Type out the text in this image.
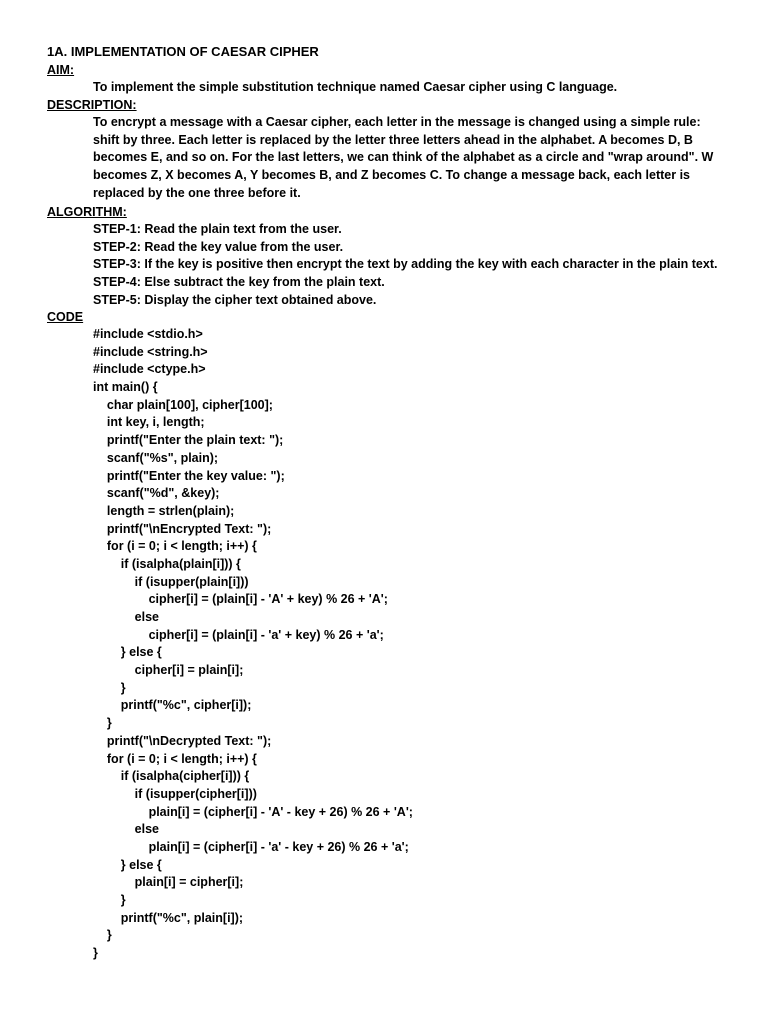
1A. IMPLEMENTATION OF CAESAR CIPHER
AIM:
To implement the simple substitution technique named Caesar cipher using C language.
DESCRIPTION:
To encrypt a message with a Caesar cipher, each letter in the message is changed using a simple rule: shift by three. Each letter is replaced by the letter three letters ahead in the alphabet. A becomes D, B becomes E, and so on. For the last letters, we can think of the alphabet as a circle and "wrap around". W becomes Z, X becomes A, Y becomes B, and Z becomes C. To change a message back, each letter is replaced by the one three before it.
ALGORITHM:
STEP-1: Read the plain text from the user.
STEP-2: Read the key value from the user.
STEP-3: If the key is positive then encrypt the text by adding the key with each character in the plain text.
STEP-4: Else subtract the key from the plain text.
STEP-5: Display the cipher text obtained above.
CODE
#include <stdio.h>
#include <string.h>
#include <ctype.h>
int main() {
char plain[100], cipher[100];
int key, i, length;
printf("Enter the plain text: ");
scanf("%s", plain);
printf("Enter the key value: ");
scanf("%d", &key);
length = strlen(plain);
printf("\nEncrypted Text: ");
for (i = 0; i < length; i++) {
if (isalpha(plain[i])) {
if (isupper(plain[i]))
cipher[i] = (plain[i] - 'A' + key) % 26 + 'A';
else
cipher[i] = (plain[i] - 'a' + key) % 26 + 'a';
} else {
cipher[i] = plain[i];
}
printf("%c", cipher[i]);
}
printf("\nDecrypted Text: ");
for (i = 0; i < length; i++) {
if (isalpha(cipher[i])) {
if (isupper(cipher[i]))
plain[i] = (cipher[i] - 'A' - key + 26) % 26 + 'A';
else
plain[i] = (cipher[i] - 'a' - key + 26) % 26 + 'a';
} else {
plain[i] = cipher[i];
}
printf("%c", plain[i]);
}
}
